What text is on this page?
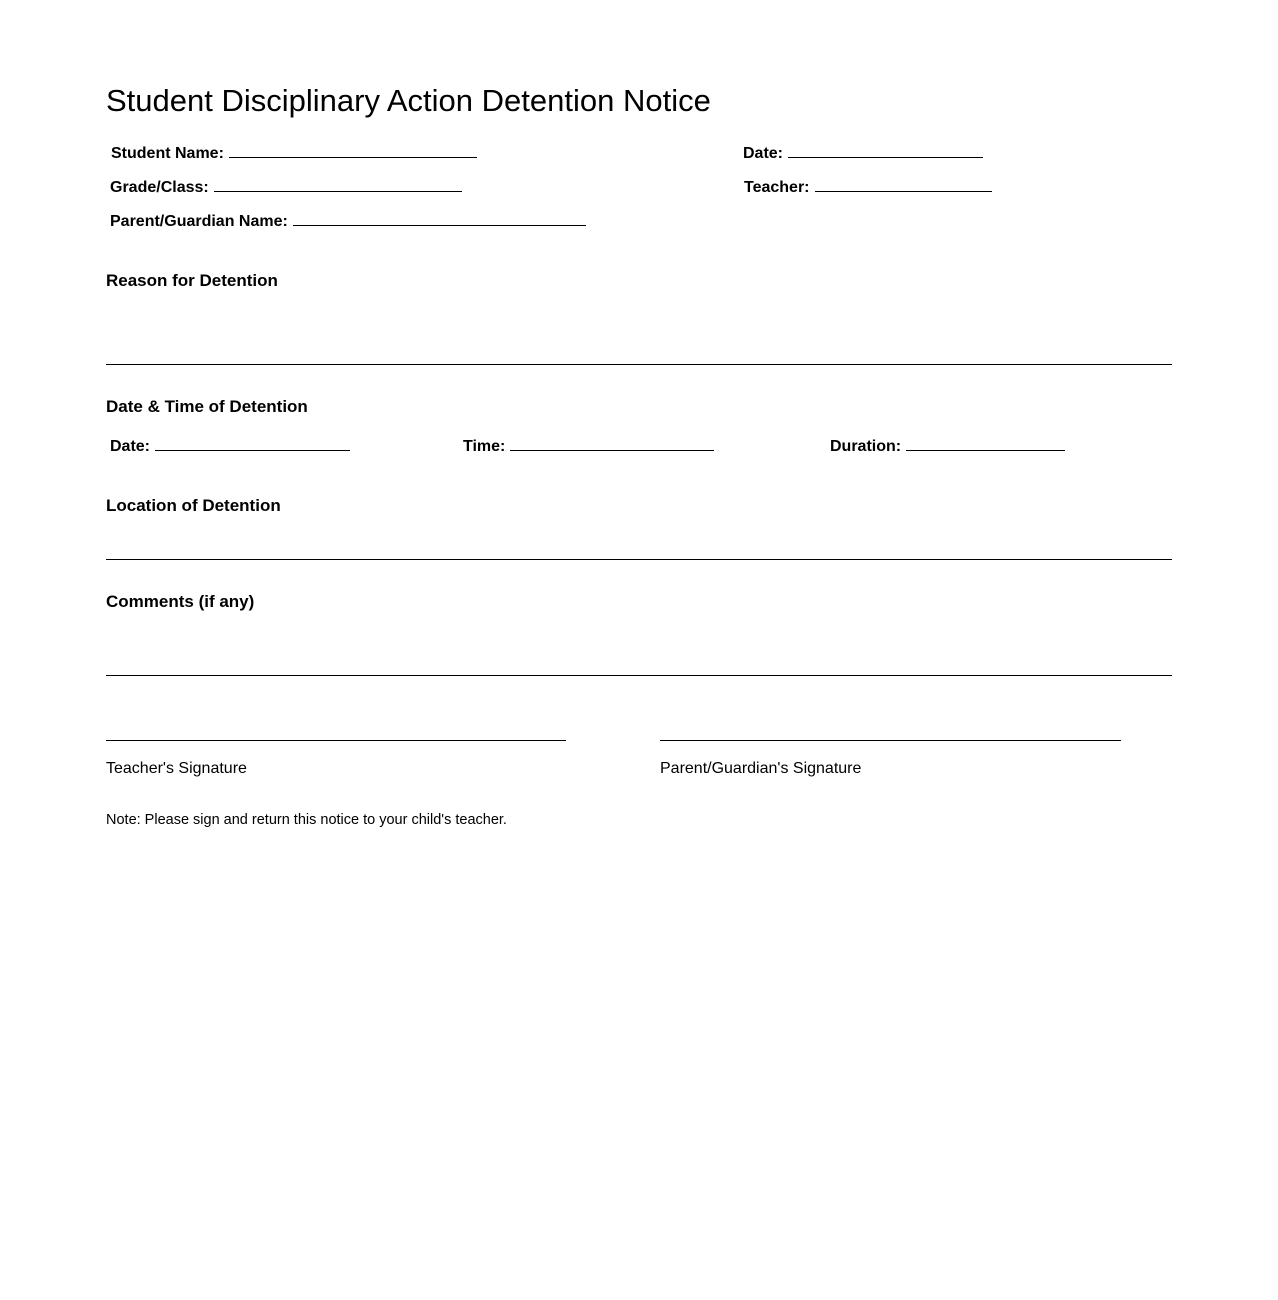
Student Disciplinary Action Detention Notice
Student Name:	Date:
Grade/Class:	Teacher:
Parent/Guardian Name:
Reason for Detention
Date & Time of Detention
Date:	Time:	Duration:
Location of Detention
Comments (if any)
Teacher's Signature	Parent/Guardian's Signature
Note: Please sign and return this notice to your child's teacher.
